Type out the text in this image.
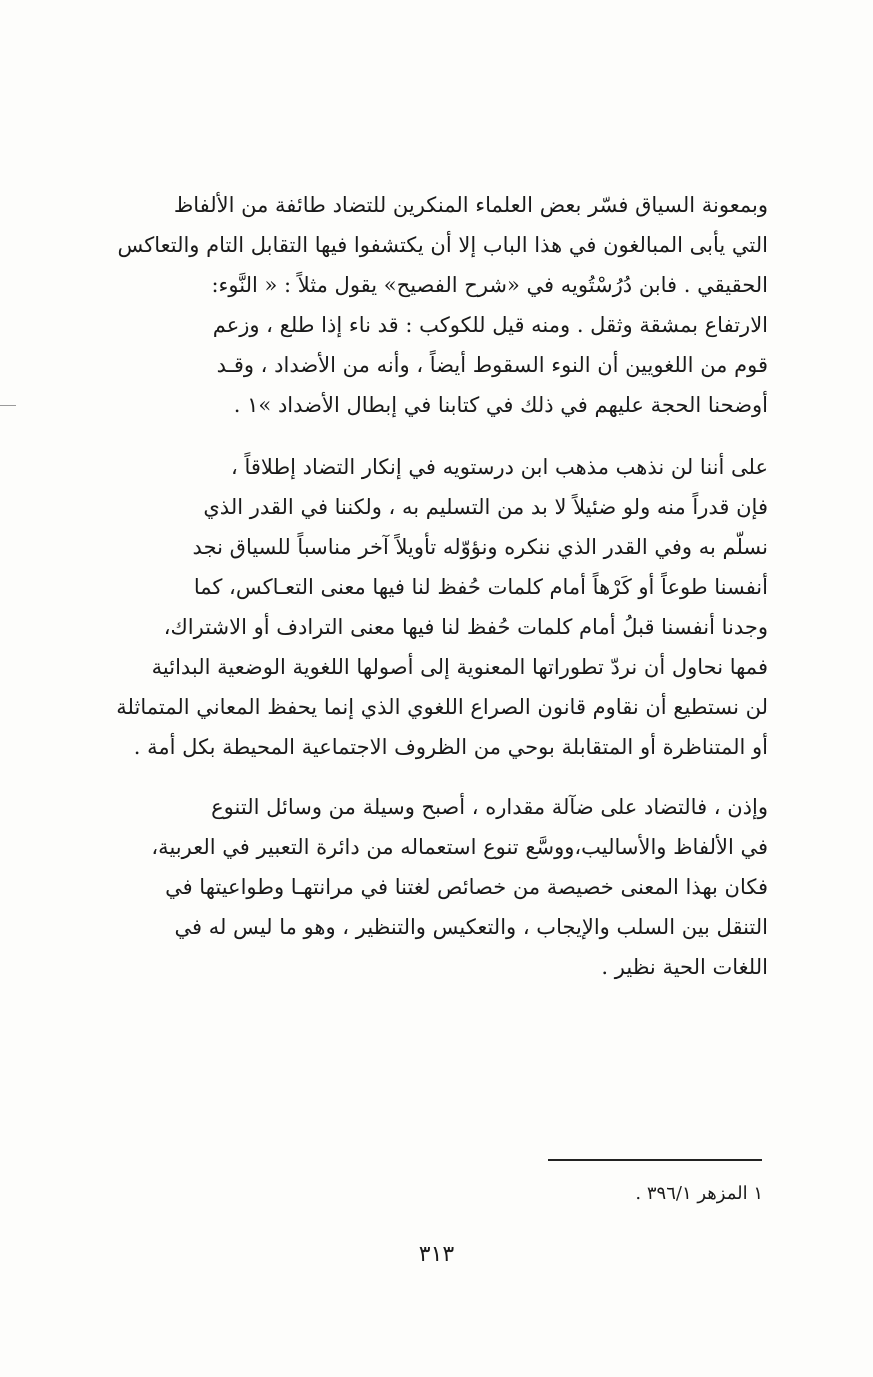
وبمعونة السياق فسّر بعض العلماء المنكرين للتضاد طائفة من الألفاظ
التي يأبى المبالغون في هذا الباب إلا أن يكتشفوا فيها التقابل التام والتعاكس
الحقيقي . فابن دُرُسْتُويه في «شرح الفصيح» يقول مثلاً : « النَّوء:
الارتفاع بمشقة وثقل . ومنه قيل للكوكب : قد ناء إذا طلع ، وزعم
قوم من اللغويين أن النوء السقوط أيضاً ، وأنه من الأضداد ، وقـد
أوضحنا الحجة عليهم في ذلك في كتابنا في إبطال الأضداد »١ .

على أننا لن نذهب مذهب ابن درستويه في إنكار التضاد إطلاقاً ،
فإن قدراً منه ولو ضئيلاً لا بد من التسليم به ، ولكننا في القدر الذي
نسلّم به وفي القدر الذي ننكره ونؤوّله تأويلاً آخر مناسباً للسياق نجد
أنفسنا طوعاً أو كَرْهاً أمام كلمات حُفظ لنا فيها معنى التعـاكس، كما
وجدنا أنفسنا قبلُ أمام كلمات حُفظ لنا فيها معنى الترادف أو الاشتراك،
فمها نحاول أن نردّ تطوراتها المعنوية إلى أصولها اللغوية الوضعية البدائية
لن نستطيع أن نقاوم قانون الصراع اللغوي الذي إنما يحفظ المعاني المتماثلة
أو المتناظرة أو المتقابلة بوحي من الظروف الاجتماعية المحيطة بكل أمة .

وإذن ، فالتضاد على ضآلة مقداره ، أصبح وسيلة من وسائل التنوع
في الألفاظ والأساليب،ووسَّع تنوع استعماله من دائرة التعبير في العربية،
فكان بهذا المعنى خصيصة من خصائص لغتنا في مرانتهـا وطواعيتها في
التنقل بين السلب والإيجاب ، والتعكيس والتنظير ، وهو ما ليس له في
اللغات الحية نظير .

١ المزهر ٣٩٦/١ .
٣١٣
